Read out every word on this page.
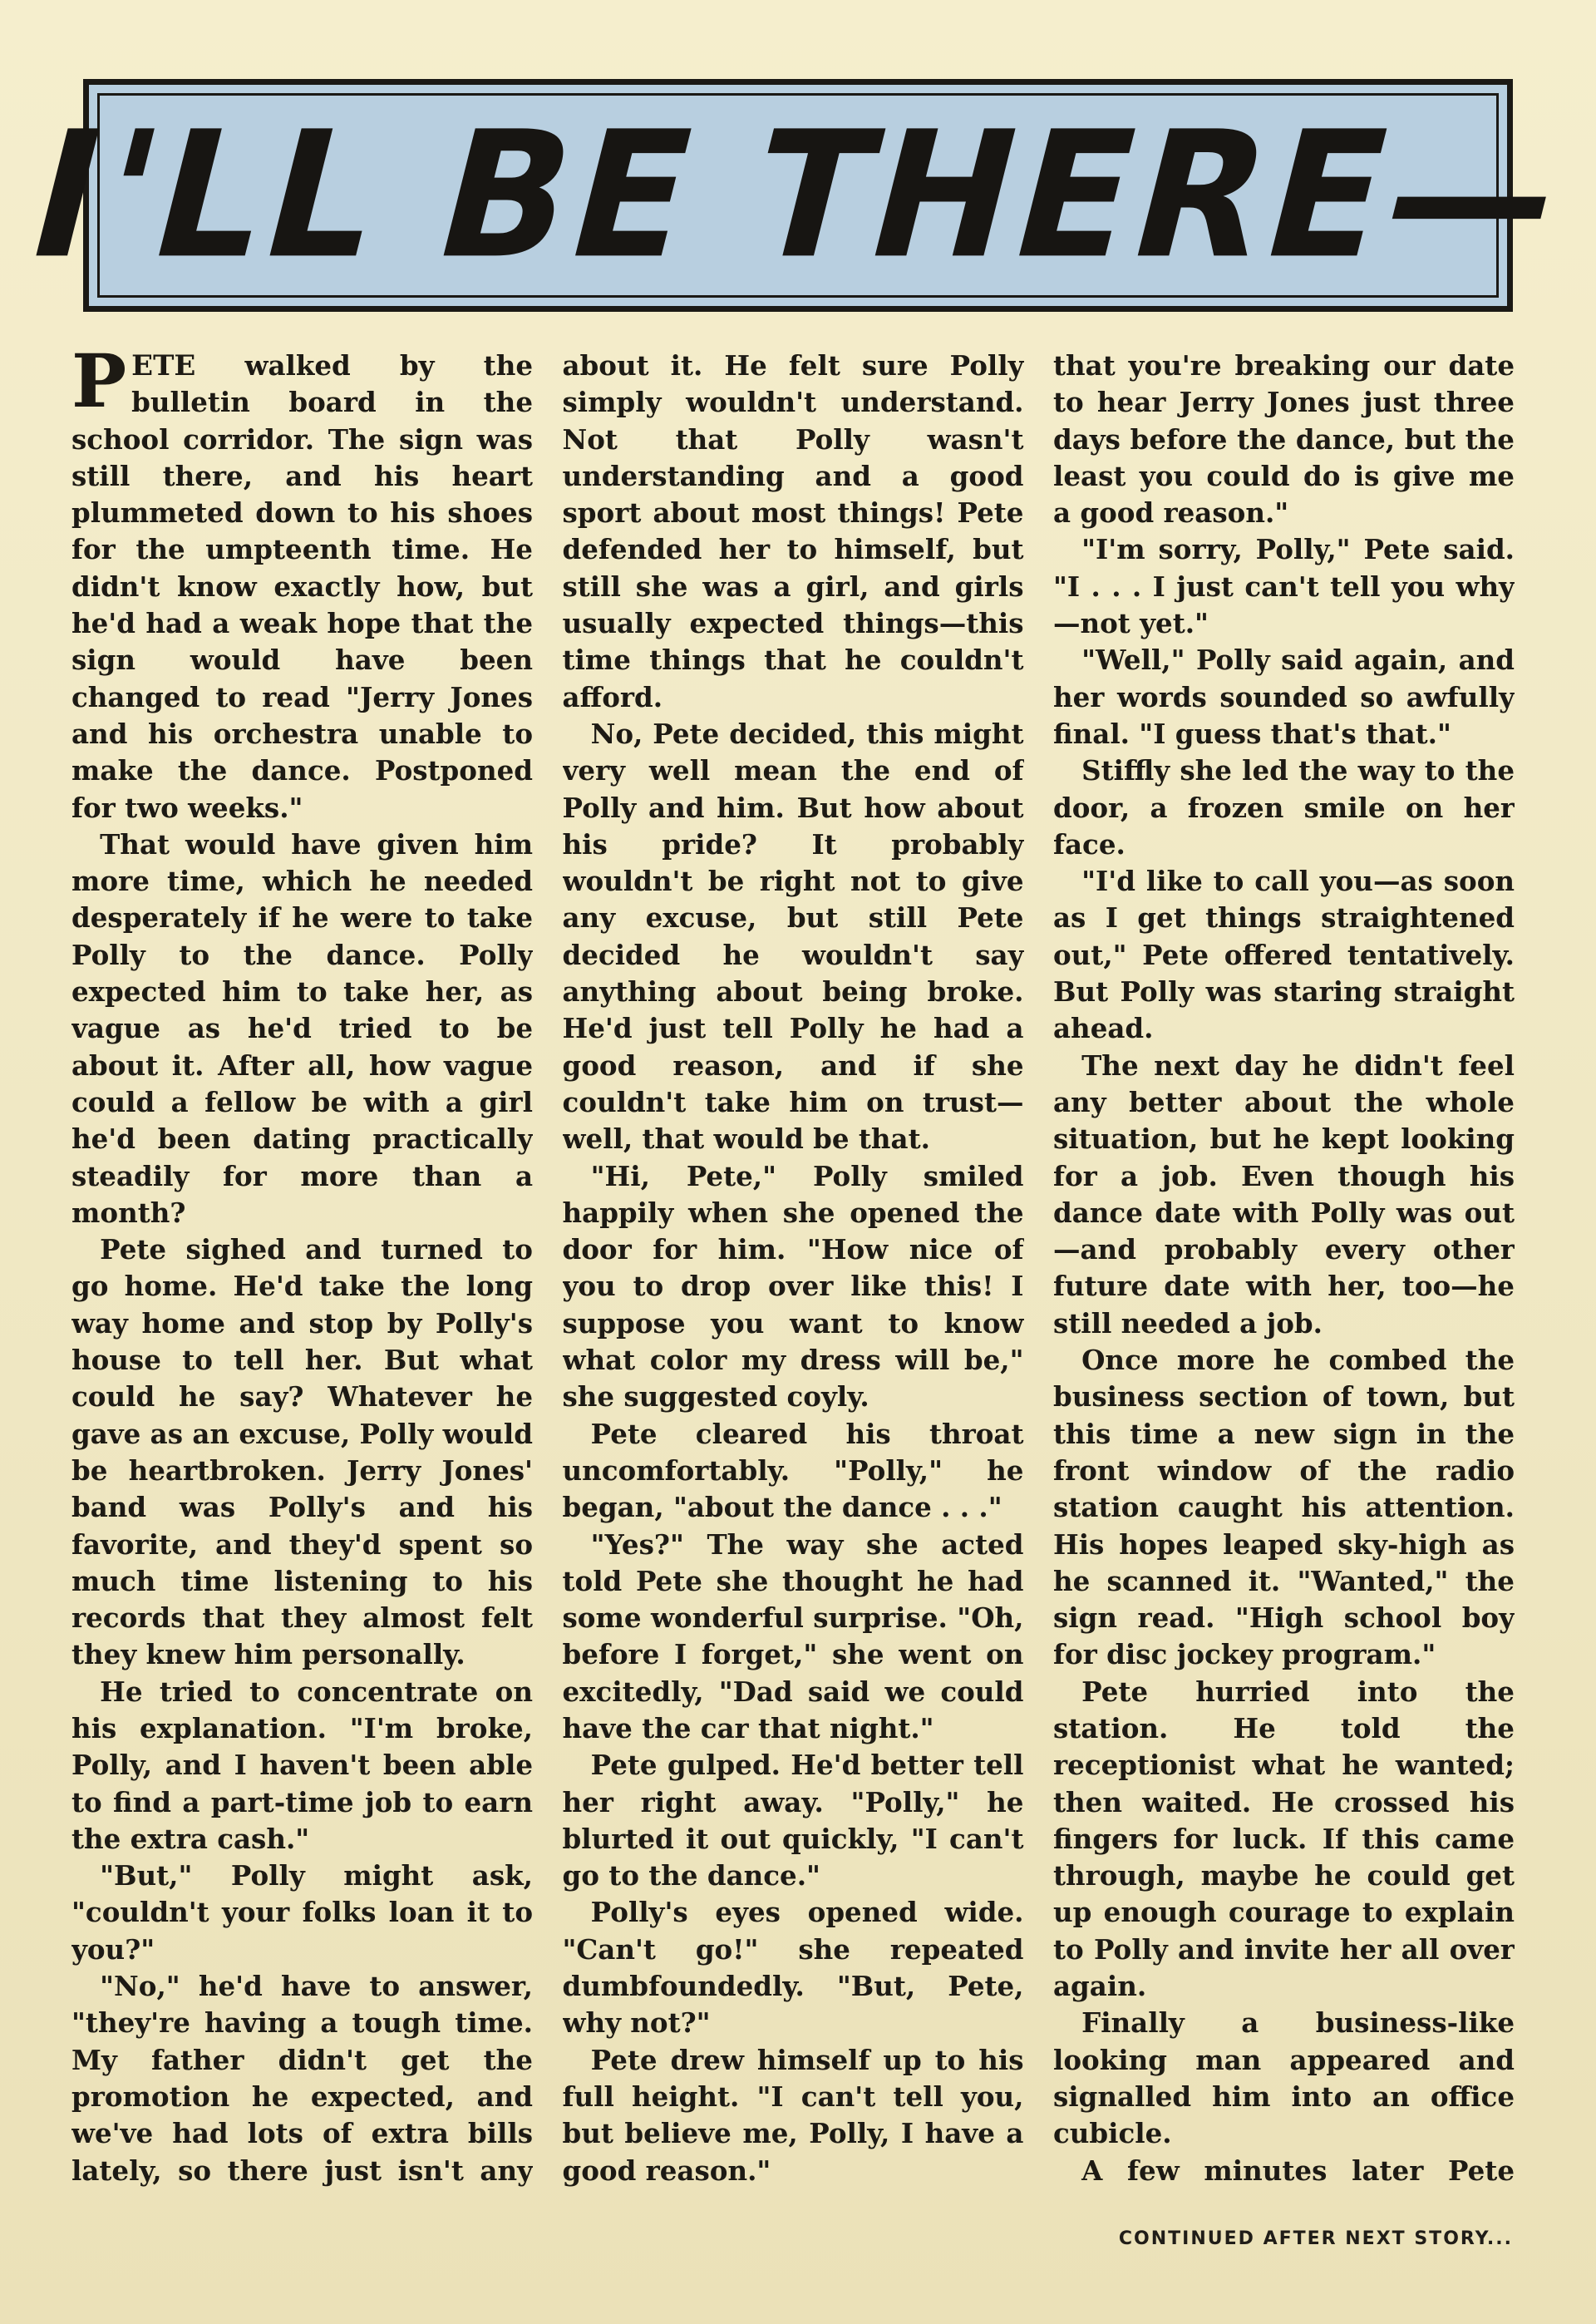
I'LL BE THERE—

PETE walked by the bulletin board in the school corridor. The sign was still there, and his heart plummeted down to his shoes for the umpteenth time. He didn't know exactly how, but he'd had a weak hope that the sign would have been changed to read "Jerry Jones and his orchestra unable to make the dance. Postponed for two weeks."

That would have given him more time, which he needed desperately if he were to take Polly to the dance. Polly expected him to take her, as vague as he'd tried to be about it. After all, how vague could a fellow be with a girl he'd been dating practically steadily for more than a month?

Pete sighed and turned to go home. He'd take the long way home and stop by Polly's house to tell her. But what could he say? Whatever he gave as an excuse, Polly would be heartbroken. Jerry Jones' band was Polly's and his favorite, and they'd spent so much time listening to his records that they almost felt they knew him personally.

He tried to concentrate on his explanation. "I'm broke, Polly, and I haven't been able to find a part-time job to earn the extra cash."

"But," Polly might ask, "couldn't your folks loan it to you?"

"No," he'd have to answer, "they're having a tough time. My father didn't get the promotion he expected, and we've had lots of extra bills lately, so there just isn't any

about it. He felt sure Polly simply wouldn't understand. Not that Polly wasn't understanding and a good sport about most things! Pete defended her to himself, but still she was a girl, and girls usually expected things—this time things that he couldn't afford.

No, Pete decided, this might very well mean the end of Polly and him. But how about his pride? It probably wouldn't be right not to give any excuse, but still Pete decided he wouldn't say anything about being broke. He'd just tell Polly he had a good reason, and if she couldn't take him on trust—well, that would be that.

"Hi, Pete," Polly smiled happily when she opened the door for him. "How nice of you to drop over like this! I suppose you want to know what color my dress will be," she suggested coyly.

Pete cleared his throat uncomfortably. "Polly," he began, "about the dance . . ."

"Yes?" The way she acted told Pete she thought he had some wonderful surprise. "Oh, before I forget," she went on excitedly, "Dad said we could have the car that night."

Pete gulped. He'd better tell her right away. "Polly," he blurted it out quickly, "I can't go to the dance."

Polly's eyes opened wide. "Can't go!" she repeated dumbfoundedly. "But, Pete, why not?"

Pete drew himself up to his full height. "I can't tell you, but believe me, Polly, I have a good reason."

that you're breaking our date to hear Jerry Jones just three days before the dance, but the least you could do is give me a good reason."

"I'm sorry, Polly," Pete said. "I . . . I just can't tell you why —not yet."

"Well," Polly said again, and her words sounded so awfully final. "I guess that's that."

Stiffly she led the way to the door, a frozen smile on her face.

"I'd like to call you—as soon as I get things straightened out," Pete offered tentatively. But Polly was staring straight ahead.

The next day he didn't feel any better about the whole situation, but he kept looking for a job. Even though his dance date with Polly was out —and probably every other future date with her, too—he still needed a job.

Once more he combed the business section of town, but this time a new sign in the front window of the radio station caught his attention. His hopes leaped sky-high as he scanned it. "Wanted," the sign read. "High school boy for disc jockey program."

Pete hurried into the station. He told the receptionist what he wanted; then waited. He crossed his fingers for luck. If this came through, maybe he could get up enough courage to explain to Polly and invite her all over again.

Finally a business-like looking man appeared and signalled him into an office cubicle.

A few minutes later Pete

CONTINUED AFTER NEXT STORY...
